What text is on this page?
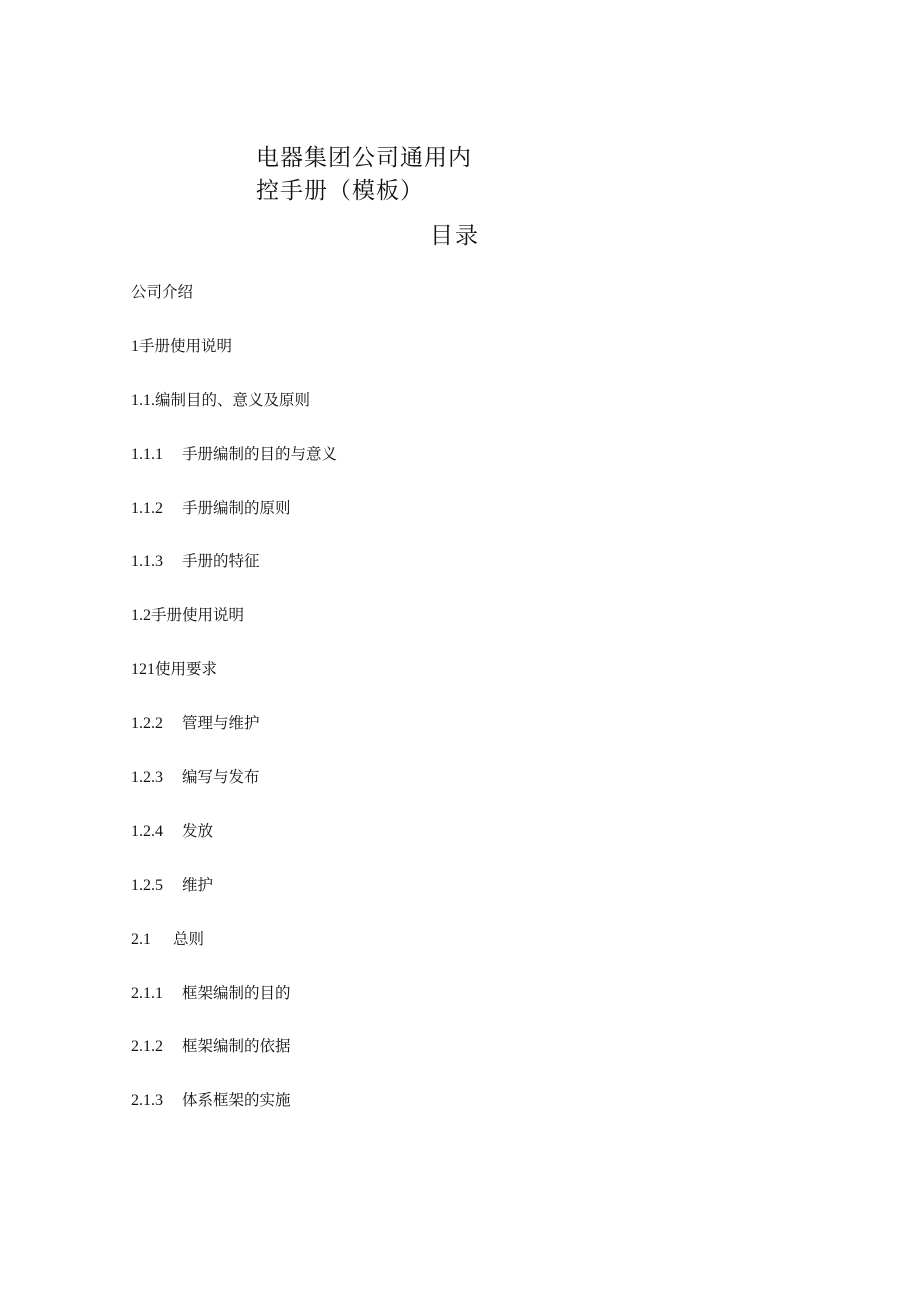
电器集团公司通用内
控手册（模板）
目录
公司介绍
1手册使用说明
1.1.编制目的、意义及原则
1.1.1 手册编制的目的与意义
1.1.2 手册编制的原则
1.1.3 手册的特征
1.2手册使用说明
121使用要求
1.2.2 管理与维护
1.2.3 编写与发布
1.2.4 发放
1.2.5 维护
2.1 总则
2.1.1 框架编制的目的
2.1.2 框架编制的依据
2.1.3 体系框架的实施
